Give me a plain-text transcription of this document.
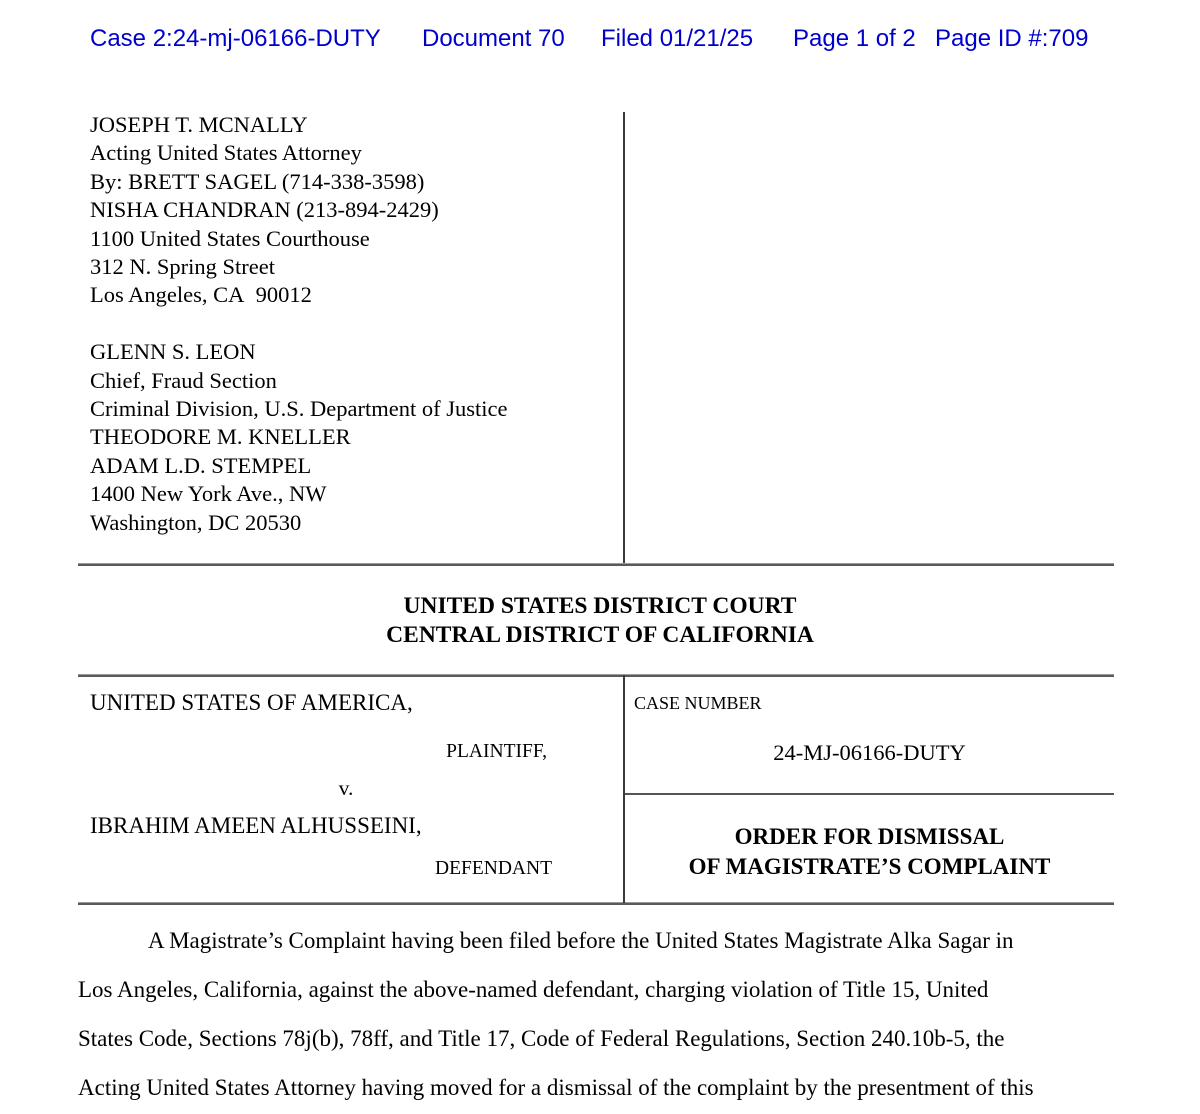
Case 2:24-mj-06166-DUTY Document 70 Filed 01/21/25 Page 1 of 2 Page ID #:709
JOSEPH T. MCNALLY
Acting United States Attorney
By: BRETT SAGEL (714-338-3598)
NISHA CHANDRAN (213-894-2429)
1100 United States Courthouse
312 N. Spring Street
Los Angeles, CA  90012
GLENN S. LEON
Chief, Fraud Section
Criminal Division, U.S. Department of Justice
THEODORE M. KNELLER
ADAM L.D. STEMPEL
1400 New York Ave., NW
Washington, DC 20530
UNITED STATES DISTRICT COURT
CENTRAL DISTRICT OF CALIFORNIA
UNITED STATES OF AMERICA,
PLAINTIFF,
v.
IBRAHIM AMEEN ALHUSSEINI,
DEFENDANT
CASE NUMBER
24-MJ-06166-DUTY
ORDER FOR DISMISSAL
OF MAGISTRATE’S COMPLAINT
A Magistrate’s Complaint having been filed before the United States Magistrate Alka Sagar in
Los Angeles, California, against the above-named defendant, charging violation of Title 15, United
States Code, Sections 78j(b), 78ff, and Title 17, Code of Federal Regulations, Section 240.10b-5, the
Acting United States Attorney having moved for a dismissal of the complaint by the presentment of this
